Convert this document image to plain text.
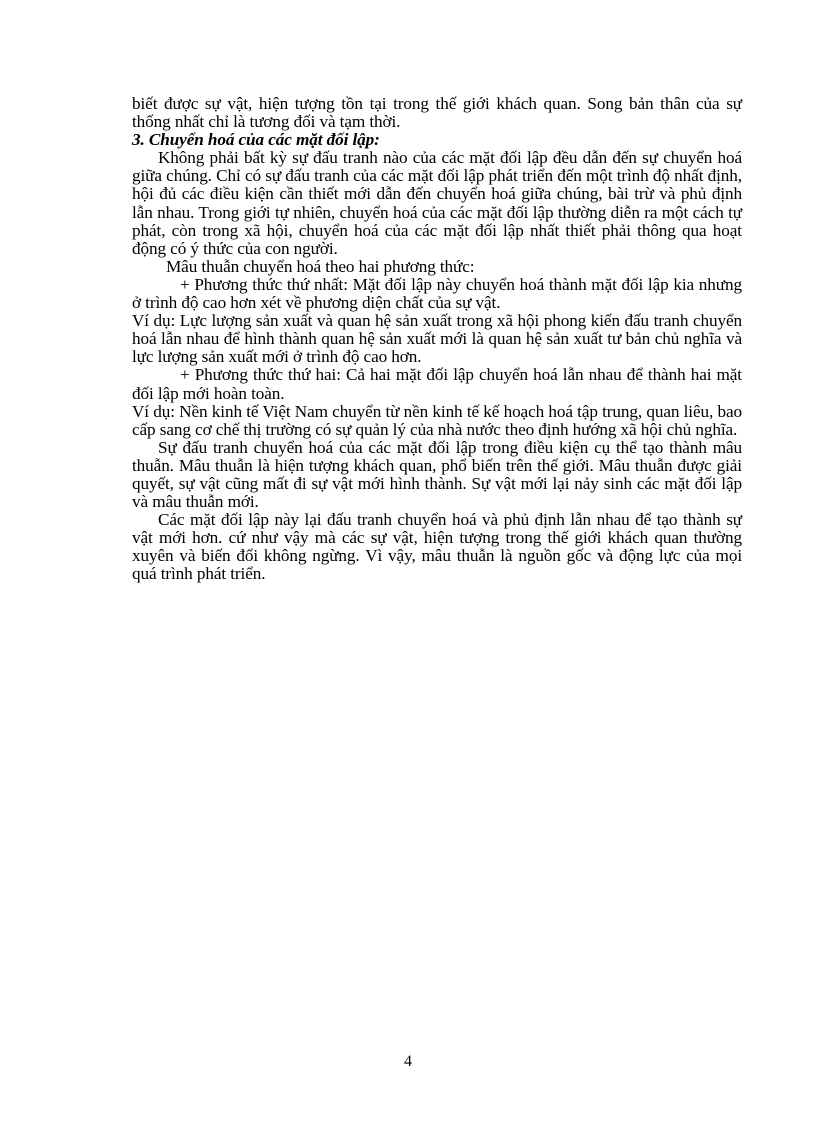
biết được sự vật, hiện tượng tồn tại trong thế giới khách quan. Song bản thân của sự thống nhất chỉ là tương đối và tạm thời.

3. Chuyển hoá của các mặt đối lập:

Không phải bất kỳ sự đấu tranh nào của các mặt đối lập đều dẫn đến sự chuyển hoá giữa chúng. Chỉ có sự đấu tranh của các mặt đối lập phát triển đến một trình độ nhất định, hội đủ các điều kiện cần thiết mới dẫn đến chuyển hoá giữa chúng, bài trừ và phủ định lẫn nhau. Trong giới tự nhiên, chuyển hoá của các mặt đối lập thường diễn ra một cách tự phát, còn trong xã hội, chuyển hoá của các mặt đối lập nhất thiết phải thông qua hoạt động có ý thức của con người.

Mâu thuẫn chuyển hoá theo hai phương thức:

+ Phương thức thứ nhất: Mặt đối lập này chuyển hoá thành mặt đối lập kia nhưng ở trình độ cao hơn xét về phương diện chất của sự vật.

Ví dụ: Lực lượng sản xuất và quan hệ sản xuất trong xã hội phong kiến đấu tranh chuyển hoá lẫn nhau để hình thành quan hệ sản xuất mới là quan hệ sản xuất tư bản chủ nghĩa và lực lượng sản xuất mới ở trình độ cao hơn.

+ Phương thức thứ hai: Cả hai mặt đối lập chuyển hoá lẫn nhau để thành hai mặt đối lập mới hoàn toàn.

Ví dụ: Nền kinh tế Việt Nam chuyển từ nền kinh tế kế hoạch hoá tập trung, quan liêu, bao cấp sang cơ chế thị trường có sự quản lý của nhà nước theo định hướng xã hội chủ nghĩa.

Sự đấu tranh chuyển hoá của các mặt đối lập trong điều kiện cụ thể tạo thành mâu thuẫn. Mâu thuẫn là hiện tượng khách quan, phổ biến trên thế giới. Mâu thuẫn được giải quyết, sự vật cũng mất đi sự vật mới hình thành. Sự vật mới lại nảy sinh các mặt đối lập và mâu thuẫn mới.

Các mặt đối lập này lại đấu tranh chuyển hoá và phủ định lẫn nhau để tạo thành sự vật mới hơn. cứ như vậy mà các sự vật, hiện tượng trong thế giới khách quan thường xuyên và biến đổi không ngừng. Vì vậy, mâu thuẫn là nguồn gốc và động lực của mọi quá trình phát triển.

4
